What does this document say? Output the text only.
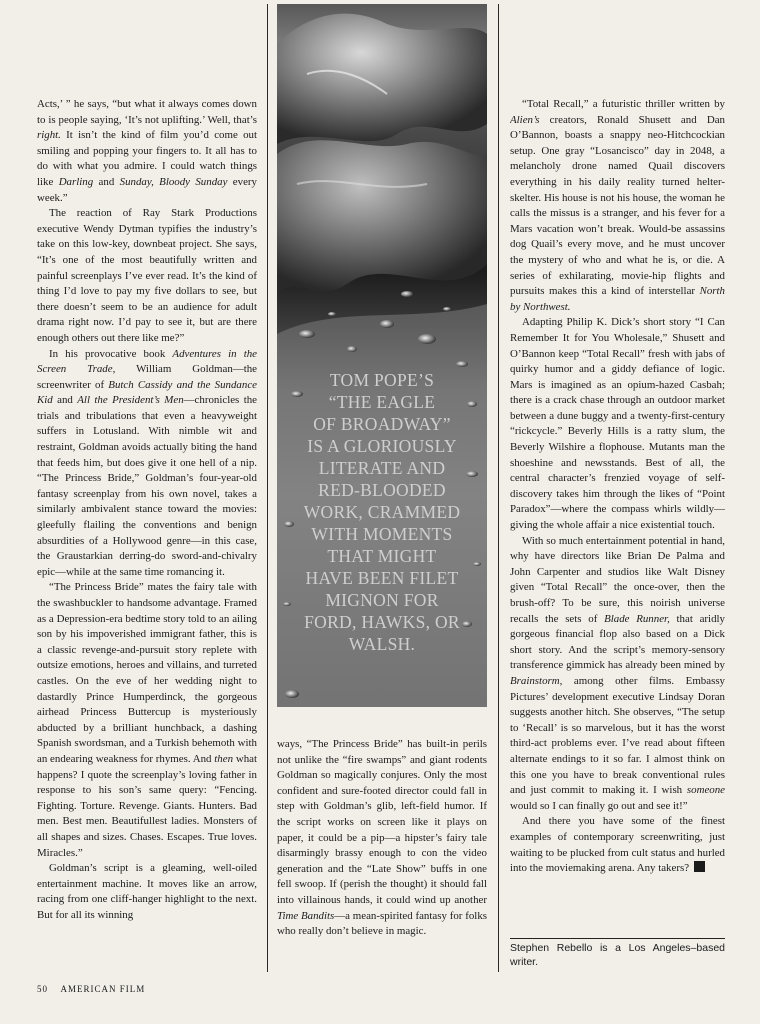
Acts,’ ” he says, “but what it always comes down to is people saying, ‘It’s not uplifting.’ Well, that’s right. It isn’t the kind of film you’d come out smiling and popping your fingers to. It all has to do with what you admire. I could watch things like Darling and Sunday, Bloody Sunday every week.”

The reaction of Ray Stark Productions executive Wendy Dytman typifies the industry’s take on this low-key, downbeat project. She says, “It’s one of the most beautifully written and painful screenplays I’ve ever read. It’s the kind of thing I’d love to pay my five dollars to see, but there doesn’t seem to be an audience for adult drama right now. I’d pay to see it, but are there enough others out there like me?”

In his provocative book Adventures in the Screen Trade, William Goldman—the screenwriter of Butch Cassidy and the Sundance Kid and All the President’s Men—chronicles the trials and tribulations that even a heavyweight suffers in Lotusland. With nimble wit and restraint, Goldman avoids actually biting the hand that feeds him, but does give it one hell of a nip. “The Princess Bride,” Goldman’s four-year-old fantasy screenplay from his own novel, takes a similarly ambivalent stance toward the movies: gleefully flailing the conventions and benign absurdities of a Hollywood genre—in this case, the Graustarkian derring-do sword-and-chivalry epic—while at the same time romancing it.

“The Princess Bride” mates the fairy tale with the swashbuckler to handsome advantage. Framed as a Depression-era bedtime story told to an ailing son by his impoverished immigrant father, this is a classic revenge-and-pursuit story replete with outsize emotions, heroes and villains, and turreted castles. On the eve of her wedding night to dastardly Prince Humperdinck, the gorgeous airhead Princess Buttercup is mysteriously abducted by a brilliant hunchback, a dashing Spanish swordsman, and a Turkish behemoth with an endearing weakness for rhymes. And then what happens? I quote the screenplay’s loving father in response to his son’s same query: “Fencing. Fighting. Torture. Revenge. Giants. Hunters. Bad men. Best men. Beautifullest ladies. Monsters of all shapes and sizes. Chases. Escapes. True loves. Miracles.”

Goldman’s script is a gleaming, well-oiled entertainment machine. It moves like an arrow, racing from one cliff-hanger highlight to the next. But for all its winning

TOM POPE’S
“THE EAGLE
OF BROADWAY”
IS A GLORIOUSLY
LITERATE AND
RED-BLOODED
WORK, CRAMMED
WITH MOMENTS
THAT MIGHT
HAVE BEEN FILET
MIGNON FOR
FORD, HAWKS, OR
WALSH.

ways, “The Princess Bride” has built-in perils not unlike the “fire swamps” and giant rodents Goldman so magically conjures. Only the most confident and sure-footed director could fall in step with Goldman’s glib, left-field humor. If the script works on screen like it plays on paper, it could be a pip—a hipster’s fairy tale disarmingly brassy enough to con the video generation and the “Late Show” buffs in one fell swoop. If (perish the thought) it should fall into villainous hands, it could wind up another Time Bandits—a mean-spirited fantasy for folks who really don’t believe in magic.

“Total Recall,” a futuristic thriller written by Alien’s creators, Ronald Shusett and Dan O’Bannon, boasts a snappy neo-Hitchcockian setup. One gray “Losancisco” day in 2048, a melancholy drone named Quail discovers everything in his daily reality turned helter-skelter. His house is not his house, the woman he calls the missus is a stranger, and his fever for a Mars vacation won’t break. Would-be assassins dog Quail’s every move, and he must uncover the mystery of who and what he is, or die. A series of exhilarating, movie-hip flights and pursuits makes this a kind of interstellar North by Northwest.

Adapting Philip K. Dick’s short story “I Can Remember It for You Wholesale,” Shusett and O’Bannon keep “Total Recall” fresh with jabs of quirky humor and a giddy defiance of logic. Mars is imagined as an opium-hazed Casbah; there is a crack chase through an outdoor market between a dune buggy and a twenty-first-century “rickcycle.” Beverly Hills is a ratty slum, the Beverly Wilshire a flophouse. Mutants man the shoeshine and newsstands. Best of all, the central character’s frenzied voyage of self-discovery takes him through the likes of “Point Paradox”—where the compass whirls wildly—giving the whole affair a nice existential touch.

With so much entertainment potential in hand, why have directors like Brian De Palma and John Carpenter and studios like Walt Disney given “Total Recall” the once-over, then the brush-off? To be sure, this noirish universe recalls the sets of Blade Runner, that aridly gorgeous financial flop also based on a Dick short story. And the script’s memory-sensory transference gimmick has already been mined by Brainstorm, among other films. Embassy Pictures’ development executive Lindsay Doran suggests another hitch. She observes, “The setup to ‘Recall’ is so marvelous, but it has the worst third-act problems ever. I’ve read about fifteen alternate endings to it so far. I almost think on this one you have to break conventional rules and just commit to making it. I wish someone would so I can finally go out and see it!”

And there you have some of the finest examples of contemporary screenwriting, just waiting to be plucked from cult status and hurled into the moviemaking arena. Any takers?

Stephen Rebello is a Los Angeles–based writer.
50 AMERICAN FILM
